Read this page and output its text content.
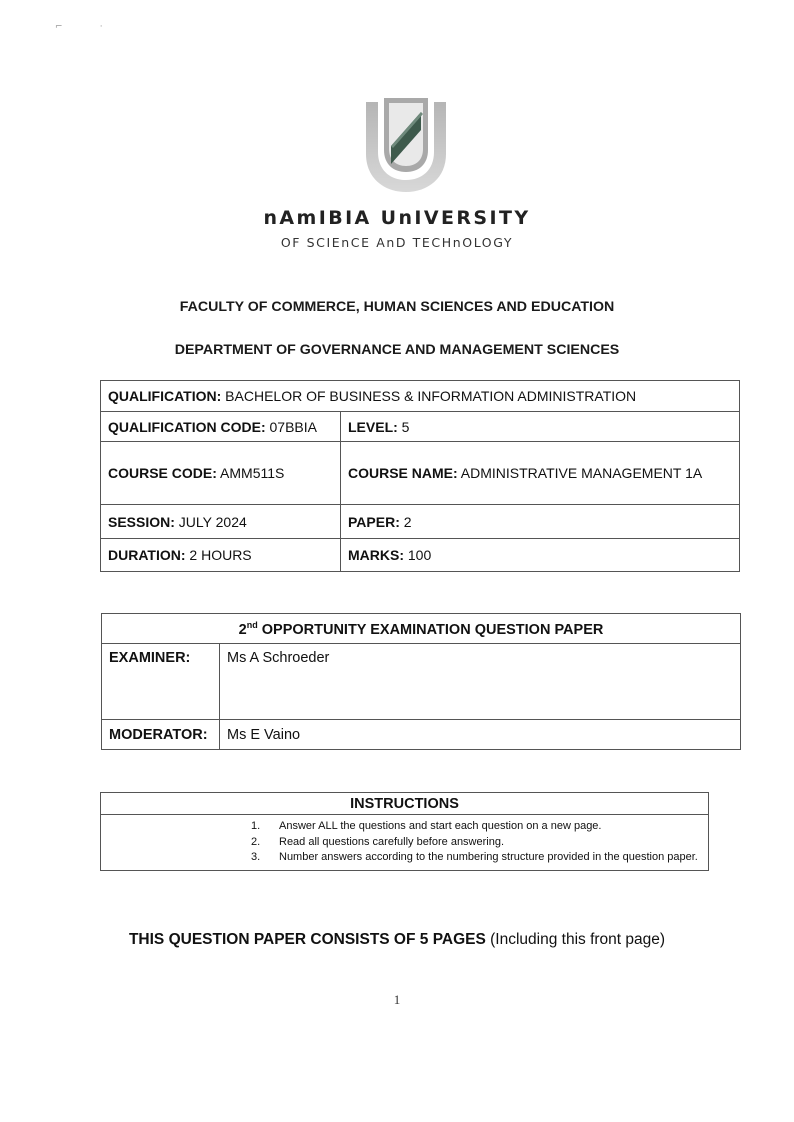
⌐             ·
nAmIBIA UnIVERSITY
OF SCIEnCE AnD TECHnOLOGY
FACULTY OF COMMERCE, HUMAN SCIENCES AND EDUCATION
DEPARTMENT OF GOVERNANCE AND MANAGEMENT SCIENCES
QUALIFICATION: BACHELOR OF BUSINESS & INFORMATION ADMINISTRATION	
QUALIFICATION CODE: 07BBIA	LEVEL: 5
COURSE CODE: AMM511S	COURSE NAME: ADMINISTRATIVE MANAGEMENT 1A
SESSION: JULY 2024	PAPER: 2
DURATION: 2 HOURS	MARKS: 100
2nd OPPORTUNITY EXAMINATION QUESTION PAPER	
EXAMINER:	Ms A Schroeder
MODERATOR:	Ms E Vaino
INSTRUCTIONS

1.	Answer ALL the questions and start each question on a new page.
2.	Read all questions carefully before answering.
3.	Number answers according to the numbering structure provided in the question paper.
THIS QUESTION PAPER CONSISTS OF 5 PAGES (Including this front page)
1
